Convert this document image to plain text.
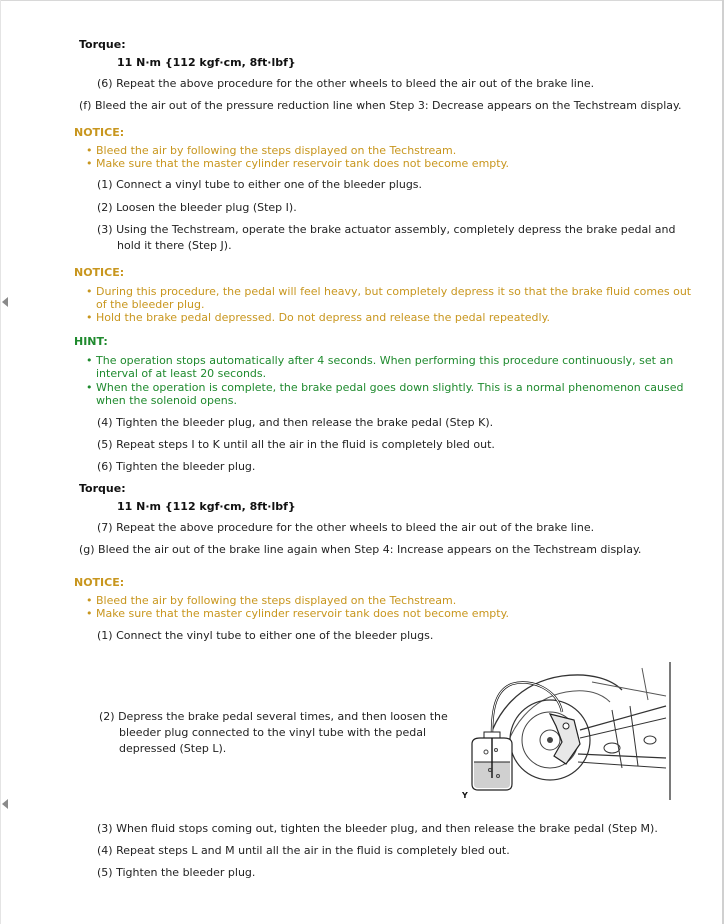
Torque:
11 N·m {112 kgf·cm, 8ft·lbf}
(6) Repeat the above procedure for the other wheels to bleed the air out of the brake line.
(f) Bleed the air out of the pressure reduction line when Step 3: Decrease appears on the Techstream display.
NOTICE:
• Bleed the air by following the steps displayed on the Techstream.
• Make sure that the master cylinder reservoir tank does not become empty.
(1) Connect a vinyl tube to either one of the bleeder plugs.
(2) Loosen the bleeder plug (Step I).
(3) Using the Techstream, operate the brake actuator assembly, completely depress the brake pedal and
hold it there (Step J).
NOTICE:
• During this procedure, the pedal will feel heavy, but completely depress it so that the brake fluid comes out
of the bleeder plug.
• Hold the brake pedal depressed. Do not depress and release the pedal repeatedly.
HINT:
• The operation stops automatically after 4 seconds. When performing this procedure continuously, set an
interval of at least 20 seconds.
• When the operation is complete, the brake pedal goes down slightly. This is a normal phenomenon caused
when the solenoid opens.
(4) Tighten the bleeder plug, and then release the brake pedal (Step K).
(5) Repeat steps I to K until all the air in the fluid is completely bled out.
(6) Tighten the bleeder plug.
Torque:
11 N·m {112 kgf·cm, 8ft·lbf}
(7) Repeat the above procedure for the other wheels to bleed the air out of the brake line.
(g) Bleed the air out of the brake line again when Step 4: Increase appears on the Techstream display.
NOTICE:
• Bleed the air by following the steps displayed on the Techstream.
• Make sure that the master cylinder reservoir tank does not become empty.
(1) Connect the vinyl tube to either one of the bleeder plugs.
(2) Depress the brake pedal several times, and then loosen the
bleeder plug connected to the vinyl tube with the pedal
depressed (Step L).
Y
(3) When fluid stops coming out, tighten the bleeder plug, and then release the brake pedal (Step M).
(4) Repeat steps L and M until all the air in the fluid is completely bled out.
(5) Tighten the bleeder plug.
